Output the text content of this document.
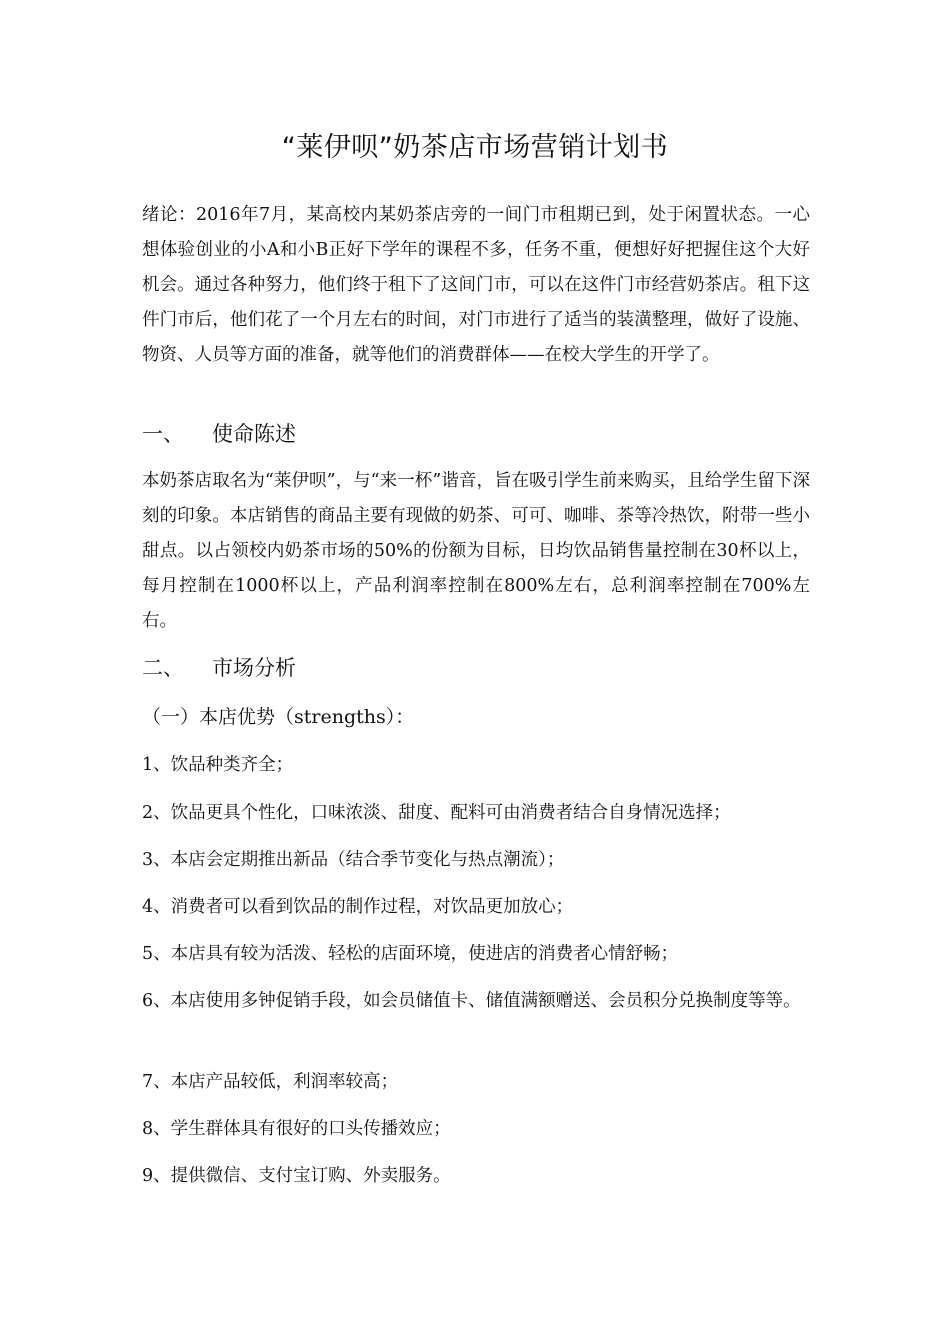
“莱伊呗”奶茶店市场营销计划书

绪论：2016年7月，某高校内某奶茶店旁的一间门市租期已到，处于闲置状态。一心想体验创业的小A和小B正好下学年的课程不多，任务不重，便想好好把握住这个大好机会。通过各种努力，他们终于租下了这间门市，可以在这件门市经营奶茶店。租下这件门市后，他们花了一个月左右的时间，对门市进行了适当的装潢整理，做好了设施、物资、人员等方面的准备，就等他们的消费群体——在校大学生的开学了。

一、 使命陈述

本奶茶店取名为“莱伊呗”，与“来一杯”谐音，旨在吸引学生前来购买，且给学生留下深刻的印象。本店销售的商品主要有现做的奶茶、可可、咖啡、茶等冷热饮，附带一些小甜点。以占领校内奶茶市场的50%的份额为目标，日均饮品销售量控制在30杯以上，每月控制在1000杯以上，产品利润率控制在800%左右，总利润率控制在700%左右。

二、 市场分析
（一）本店优势（strengths）：

1、饮品种类齐全；

2、饮品更具个性化，口味浓淡、甜度、配料可由消费者结合自身情况选择；

3、本店会定期推出新品（结合季节变化与热点潮流）；

4、消费者可以看到饮品的制作过程，对饮品更加放心；

5、本店具有较为活泼、轻松的店面环境，使进店的消费者心情舒畅；

6、本店使用多钟促销手段，如会员储值卡、储值满额赠送、会员积分兑换制度等等。

7、本店产品较低，利润率较高；

8、学生群体具有很好的口头传播效应；

9、提供微信、支付宝订购、外卖服务。
